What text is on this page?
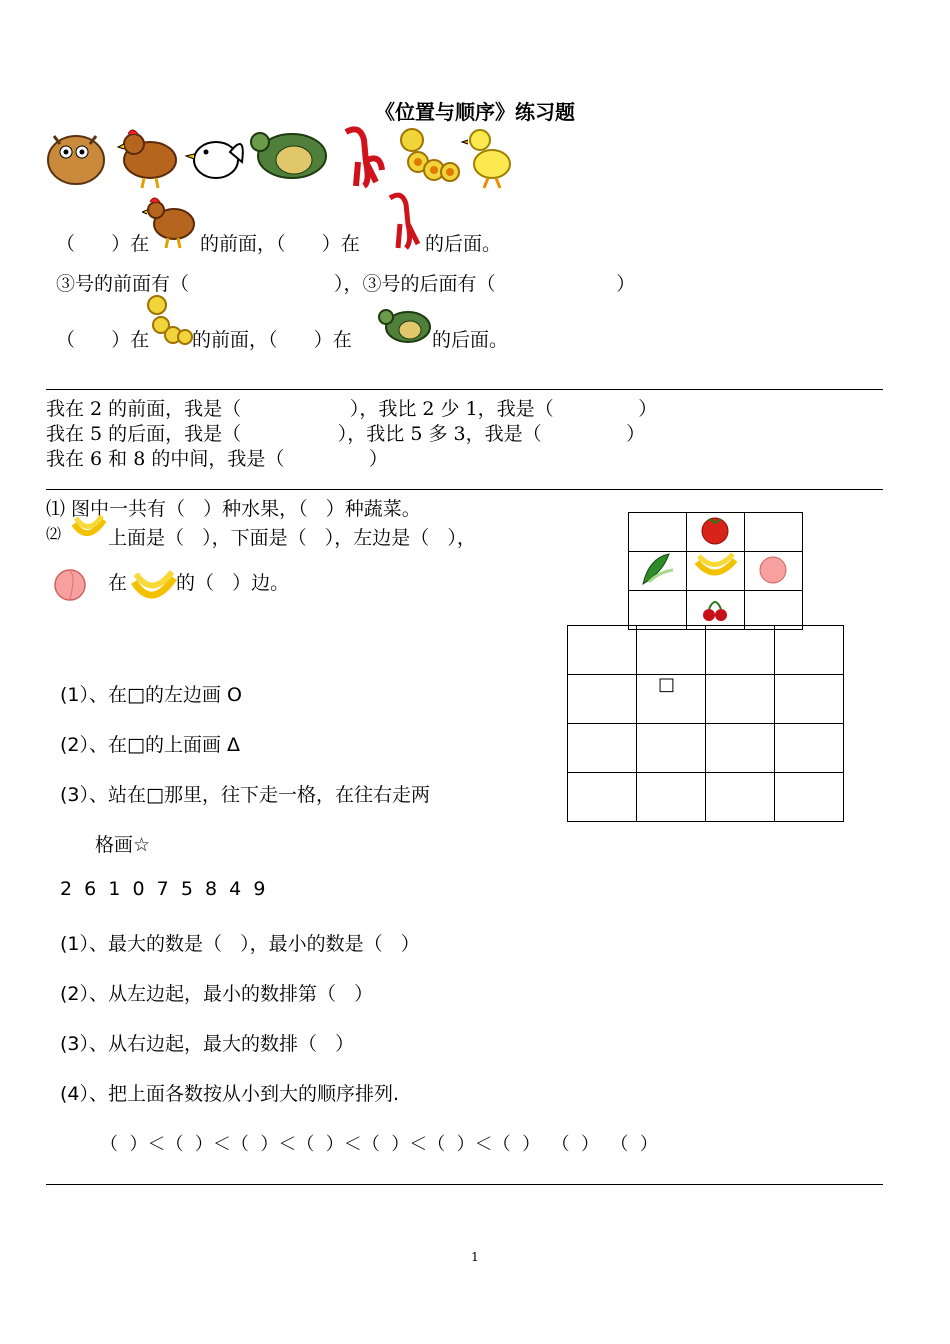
《位置与顺序》练习题
（      ）在	的前面，（      ）在	的后面。
③号的前面有（                        ），③号的后面有（                    ）
（      ）在 的前面，（      ）在	的后面。
我在 2 的前面，我是（                  ），我比 2 少 1，我是（              ）
我在 5 的后面，我是（                ），我比 5 多 3，我是（              ）
我在 6 和 8 的中间，我是（              ）
⑴ 图中一共有（   ）种水果，（   ）种蔬菜。
⑵ 上面是（   ），下面是（   ），左边是（   ），
在	的（   ）边。

□
(1）、在□的左边画 O
(2）、在□的上面画 Δ
(3）、站在□那里，往下走一格，在往右走两
格画☆
2  6  1  0  7  5  8  4  9
(1）、最大的数是（   ），最小的数是（   ）
(2）、从左边起，最小的数排第（   ）
(3）、从右边起，最大的数排（   ）
(4）、把上面各数按从小到大的顺序排列.
（  ）＜（  ）＜（  ）＜（  ）＜（  ）＜（  ）＜（  ）  （  ）  （  ）
1
